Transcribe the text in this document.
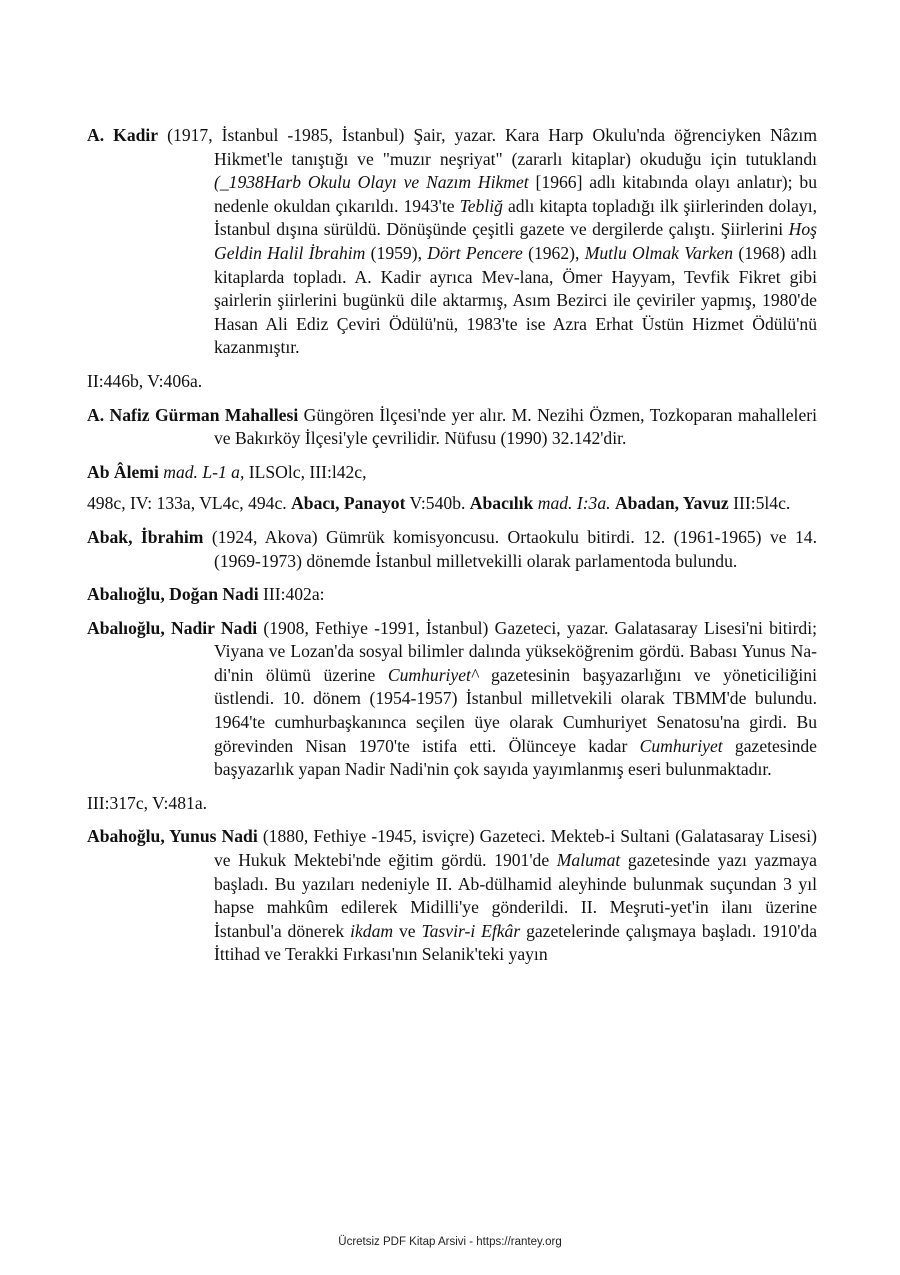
A. Kadir (1917, İstanbul -1985, İstanbul) Şair, yazar. Kara Harp Okulu'nda öğrenciyken Nâzım Hikmet'le tanıştığı ve "muzır neşriyat" (zararlı kitaplar) okuduğu için tutuklandı (_1938Harb Okulu Olayı ve Nazım Hikmet [1966] adlı kitabında olayı anlatır); bu nedenle okuldan çıkarıldı. 1943'te Tebliğ adlı kitapta topladığı ilk şiirlerinden dolayı, İstanbul dışına sürüldü. Dönüşünde çeşitli gazete ve dergilerde çalıştı. Şiirlerini Hoş Geldin Halil İbrahim (1959), Dört Pencere (1962), Mutlu Olmak Varken (1968) adlı kitaplarda topladı. A. Kadir ayrıca Mev-lana, Ömer Hayyam, Tevfik Fikret gibi şairlerin şiirlerini bugünkü dile aktarmış, Asım Bezirci ile çeviriler yapmış, 1980'de Hasan Ali Ediz Çeviri Ödülü'nü, 1983'te ise Azra Erhat Üstün Hizmet Ödülü'nü kazanmıştır.

II:446b, V:406a.

A. Nafiz Gürman Mahallesi Güngören İlçesi'nde yer alır. M. Nezihi Özmen, Tozkoparan mahalleleri ve Bakırköy İlçesi'yle çevrilidir. Nüfusu (1990) 32.142'dir.

Ab Âlemi mad. L-1 a, ILSOlc, III:l42c,

498c, IV: 133a, VL4c, 494c. Abacı, Panayot V:540b. Abacılık mad. I:3a. Abadan, Yavuz III:5l4c.

Abak, İbrahim (1924, Akova) Gümrük komisyoncusu. Ortaokulu bitirdi. 12. (1961-1965) ve 14. (1969-1973) dönemde İstanbul milletvekilli olarak parlamentoda bulundu.

Abalıoğlu, Doğan Nadi III:402a:

Abalıoğlu, Nadir Nadi (1908, Fethiye -1991, İstanbul) Gazeteci, yazar. Galatasaray Lisesi'ni bitirdi; Viyana ve Lozan'da sosyal bilimler dalında yükseköğrenim gördü. Babası Yunus Na-di'nin ölümü üzerine Cumhuriyet^ gazetesinin başyazarlığını ve yöneticiliğini üstlendi. 10. dönem (1954-1957) İstanbul milletvekili olarak TBMM'de bulundu. 1964'te cumhurbaşkanınca seçilen üye olarak Cumhuriyet Senatosu'na girdi. Bu görevinden Nisan 1970'te istifa etti. Ölünceye kadar Cumhuriyet gazetesinde başyazarlık yapan Nadir Nadi'nin çok sayıda yayımlanmış eseri bulunmaktadır.

III:317c, V:481a.

Abahoğlu, Yunus Nadi (1880, Fethiye -1945, isviçre) Gazeteci. Mekteb-i Sultani (Galatasaray Lisesi) ve Hukuk Mektebi'nde eğitim gördü. 1901'de Malumat gazetesinde yazı yazmaya başladı. Bu yazıları nedeniyle II. Ab-dülhamid aleyhinde bulunmak suçundan 3 yıl hapse mahkûm edilerek Midilli'ye gönderildi. II. Meşruti-yet'in ilanı üzerine İstanbul'a dönerek ikdam ve Tasvir-i Efkâr gazetelerinde çalışmaya başladı. 1910'da İttihad ve Terakki Fırkası'nın Selanik'teki yayın

Ücretsiz PDF Kitap Arsivi - https://rantey.org
